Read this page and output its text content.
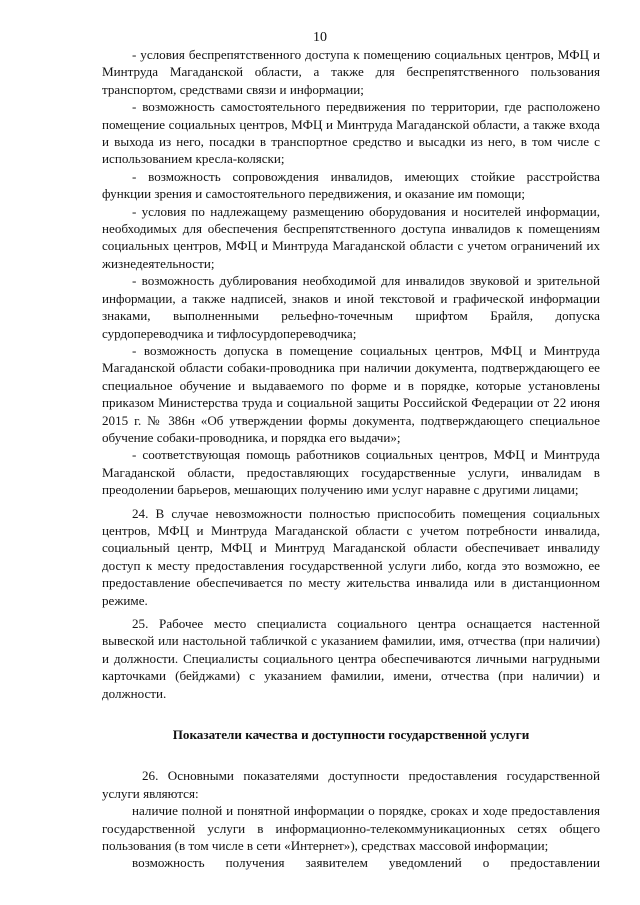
10

- условия беспрепятственного доступа к помещению социальных центров, МФЦ и Минтруда Магаданской области, а также для беспрепятственного пользования транспортом, средствами связи и информации;

- возможность самостоятельного передвижения по территории, где расположено помещение социальных центров, МФЦ и Минтруда Магаданской области, а также входа и выхода из него, посадки в транспортное средство и высадки из него, в том числе с использованием кресла-коляски;

- возможность сопровождения инвалидов, имеющих стойкие расстройства функции зрения и самостоятельного передвижения, и оказание им помощи;

- условия по надлежащему размещению оборудования и носителей информации, необходимых для обеспечения беспрепятственного доступа инвалидов к помещениям социальных центров, МФЦ и Минтруда Магаданской области с учетом ограничений их жизнедеятельности;

- возможность дублирования необходимой для инвалидов звуковой и зрительной информации, а также надписей, знаков и иной текстовой и графической информации знаками, выполненными рельефно-точечным шрифтом Брайля, допуска сурдопереводчика и тифлосурдопереводчика;

- возможность допуска в помещение социальных центров, МФЦ и Минтруда Магаданской области собаки-проводника при наличии документа, подтверждающего ее специальное обучение и выдаваемого по форме и в порядке, которые установлены приказом Министерства труда и социальной защиты Российской Федерации от 22 июня 2015 г. № 386н «Об утверждении формы документа, подтверждающего специальное обучение собаки-проводника, и порядка его выдачи»;

- соответствующая помощь работников социальных центров, МФЦ и Минтруда Магаданской области, предоставляющих государственные услуги, инвалидам в преодолении барьеров, мешающих получению ими услуг наравне с другими лицами;

24. В случае невозможности полностью приспособить помещения социальных центров, МФЦ и Минтруда Магаданской области с учетом потребности инвалида, социальный центр, МФЦ и Минтруд Магаданской области обеспечивает инвалиду доступ к месту предоставления государственной услуги либо, когда это возможно, ее предоставление обеспечивается по месту жительства инвалида или в дистанционном режиме.

25. Рабочее место специалиста социального центра оснащается настенной вывеской или настольной табличкой с указанием фамилии, имя, отчества (при наличии) и должности. Специалисты социального центра обеспечиваются личными нагрудными карточками (бейджами) с указанием фамилии, имени, отчества (при наличии) и должности.

Показатели качества и доступности государственной услуги

26. Основными показателями доступности предоставления государственной услуги являются:

наличие полной и понятной информации о порядке, сроках и ходе предоставления государственной услуги в информационно-телекоммуникационных сетях общего пользования (в том числе в сети «Интернет»), средствах массовой информации;

возможность получения заявителем уведомлений о предоставлении
